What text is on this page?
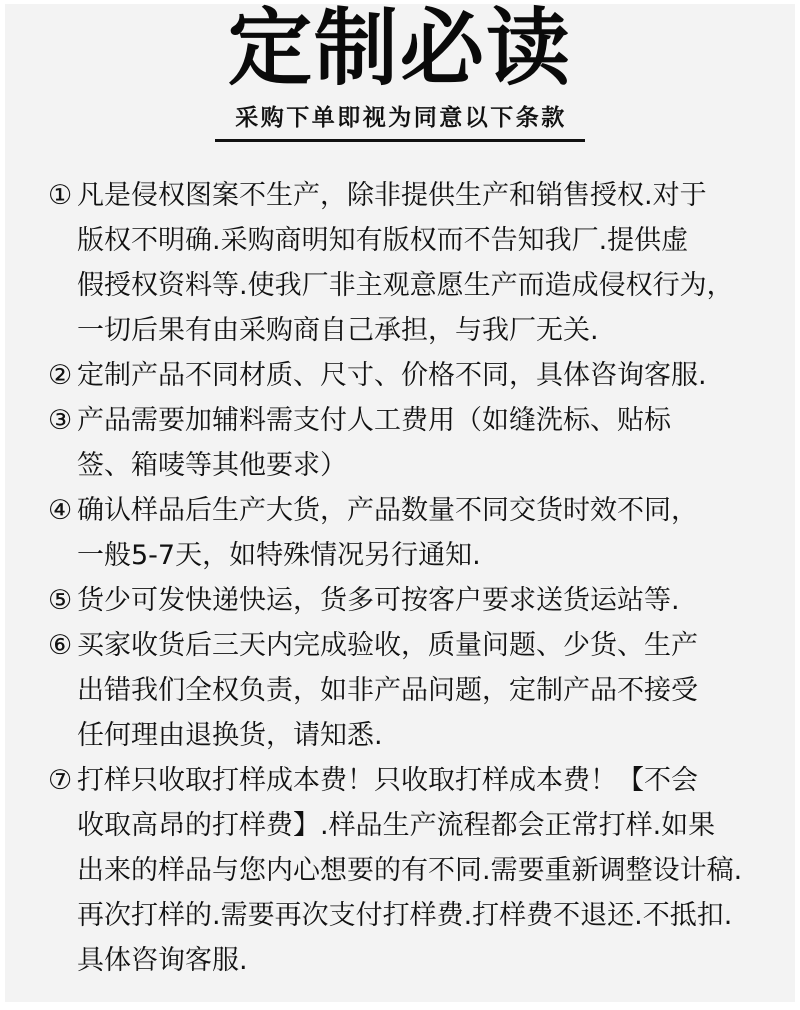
定制必读
采购下单即视为同意以下条款
① 凡是侵权图案不生产，除非提供生产和销售授权.对于
版权不明确.采购商明知有版权而不告知我厂.提供虚
假授权资料等.使我厂非主观意愿生产而造成侵权行为，
一切后果有由采购商自己承担，与我厂无关.
② 定制产品不同材质、尺寸、价格不同，具体咨询客服.
③ 产品需要加辅料需支付人工费用（如缝洗标、贴标
签、箱唛等其他要求）
④ 确认样品后生产大货，产品数量不同交货时效不同，
一般5-7天，如特殊情况另行通知.
⑤ 货少可发快递快运，货多可按客户要求送货运站等.
⑥ 买家收货后三天内完成验收，质量问题、少货、生产
出错我们全权负责，如非产品问题，定制产品不接受
任何理由退换货，请知悉.
⑦ 打样只收取打样成本费！只收取打样成本费！【不会
收取高昂的打样费】.样品生产流程都会正常打样.如果
出来的样品与您内心想要的有不同.需要重新调整设计稿.
再次打样的.需要再次支付打样费.打样费不退还.不抵扣.
具体咨询客服.
